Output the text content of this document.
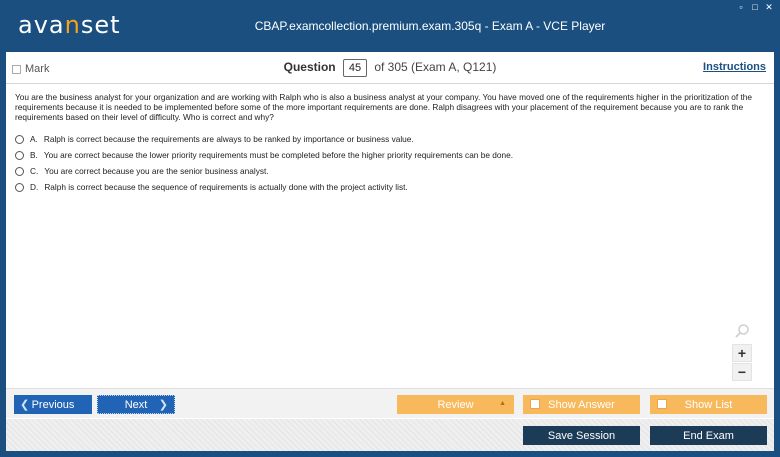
avanset	CBAP.examcollection.premium.exam.305q - Exam A - VCE Player
▫	□ ✕
Mark	Question 45 of 305 (Exam A, Q121)	Instructions
You are the business analyst for your organization and are working with Ralph who is also a business analyst at your company. You have moved one of the requirements higher in the prioritization of the requirements because it is needed to be implemented before some of the more important requirements are done. Ralph disagrees with your placement of the requirement because you are to rank the requirements based on their level of difficulty. Who is correct and why?
A. Ralph is correct because the requirements are always to be ranked by importance or business value.
B. You are correct because the lower priority requirements must be completed before the higher priority requirements can be done.
C. You are correct because you are the senior business analyst.
D. Ralph is correct because the sequence of requirements is actually done with the project activity list.
+
−
❮ Previous	Next ❯	Review	▲	Show Answer	Show List
Save Session	End Exam
